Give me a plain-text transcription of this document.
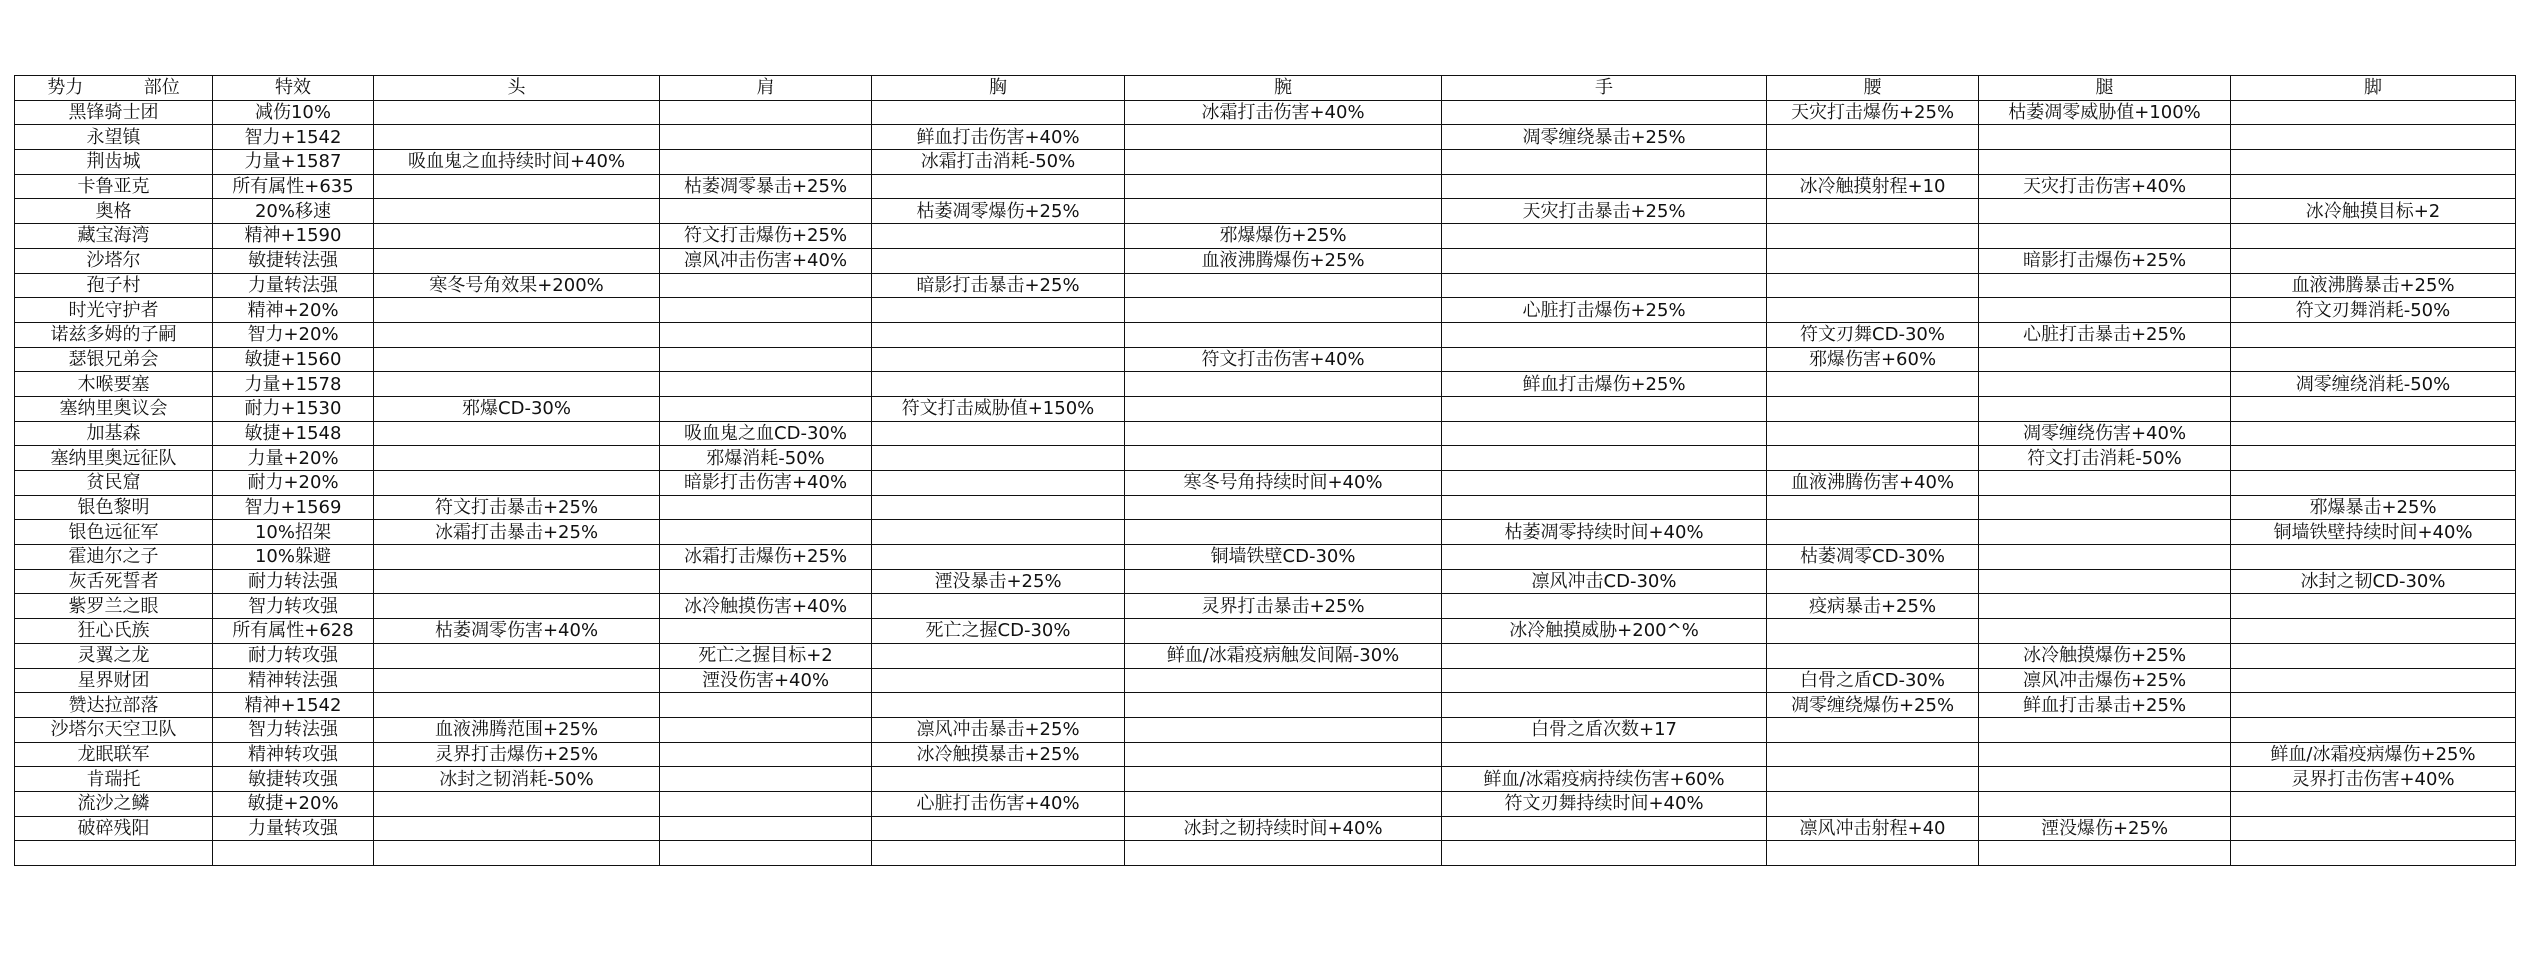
势力 部位	特效	头	肩	胸	腕	手	腰	腿	脚
黑锋骑士团	减伤10%				冰霜打击伤害+40%		天灾打击爆伤+25%	枯萎凋零威胁值+100%	
永望镇	智力+1542			鲜血打击伤害+40%		凋零缠绕暴击+25%			
荆齿城	力量+1587	吸血鬼之血持续时间+40%		冰霜打击消耗-50%					
卡鲁亚克	所有属性+635		枯萎凋零暴击+25%				冰冷触摸射程+10	天灾打击伤害+40%	
奥格	20%移速			枯萎凋零爆伤+25%		天灾打击暴击+25%			冰冷触摸目标+2
藏宝海湾	精神+1590		符文打击爆伤+25%		邪爆爆伤+25%				
沙塔尔	敏捷转法强		凛风冲击伤害+40%		血液沸腾爆伤+25%			暗影打击爆伤+25%	
孢子村	力量转法强	寒冬号角效果+200%		暗影打击暴击+25%					血液沸腾暴击+25%
时光守护者	精神+20%					心脏打击爆伤+25%			符文刃舞消耗-50%
诺兹多姆的子嗣	智力+20%						符文刃舞CD-30%	心脏打击暴击+25%	
瑟银兄弟会	敏捷+1560				符文打击伤害+40%		邪爆伤害+60%		
木喉要塞	力量+1578					鲜血打击爆伤+25%			凋零缠绕消耗-50%
塞纳里奥议会	耐力+1530	邪爆CD-30%		符文打击威胁值+150%					
加基森	敏捷+1548		吸血鬼之血CD-30%					凋零缠绕伤害+40%	
塞纳里奥远征队	力量+20%		邪爆消耗-50%					符文打击消耗-50%	
贫民窟	耐力+20%		暗影打击伤害+40%		寒冬号角持续时间+40%		血液沸腾伤害+40%		
银色黎明	智力+1569	符文打击暴击+25%							邪爆暴击+25%
银色远征军	10%招架	冰霜打击暴击+25%				枯萎凋零持续时间+40%			铜墙铁壁持续时间+40%
霍迪尔之子	10%躲避		冰霜打击爆伤+25%		铜墙铁壁CD-30%		枯萎凋零CD-30%		
灰舌死誓者	耐力转法强			湮没暴击+25%		凛风冲击CD-30%			冰封之韧CD-30%
紫罗兰之眼	智力转攻强		冰冷触摸伤害+40%		灵界打击暴击+25%		疫病暴击+25%		
狂心氏族	所有属性+628	枯萎凋零伤害+40%		死亡之握CD-30%		冰冷触摸威胁+200^%			
灵翼之龙	耐力转攻强		死亡之握目标+2		鲜血/冰霜疫病触发间隔-30%			冰冷触摸爆伤+25%	
星界财团	精神转法强		湮没伤害+40%				白骨之盾CD-30%	凛风冲击爆伤+25%	
赞达拉部落	精神+1542						凋零缠绕爆伤+25%	鲜血打击暴击+25%	
沙塔尔天空卫队	智力转法强	血液沸腾范围+25%		凛风冲击暴击+25%		白骨之盾次数+17			
龙眠联军	精神转攻强	灵界打击爆伤+25%		冰冷触摸暴击+25%					鲜血/冰霜疫病爆伤+25%
肯瑞托	敏捷转攻强	冰封之韧消耗-50%				鲜血/冰霜疫病持续伤害+60%			灵界打击伤害+40%
流沙之鳞	敏捷+20%			心脏打击伤害+40%		符文刃舞持续时间+40%			
破碎残阳	力量转攻强				冰封之韧持续时间+40%		凛风冲击射程+40	湮没爆伤+25%	
